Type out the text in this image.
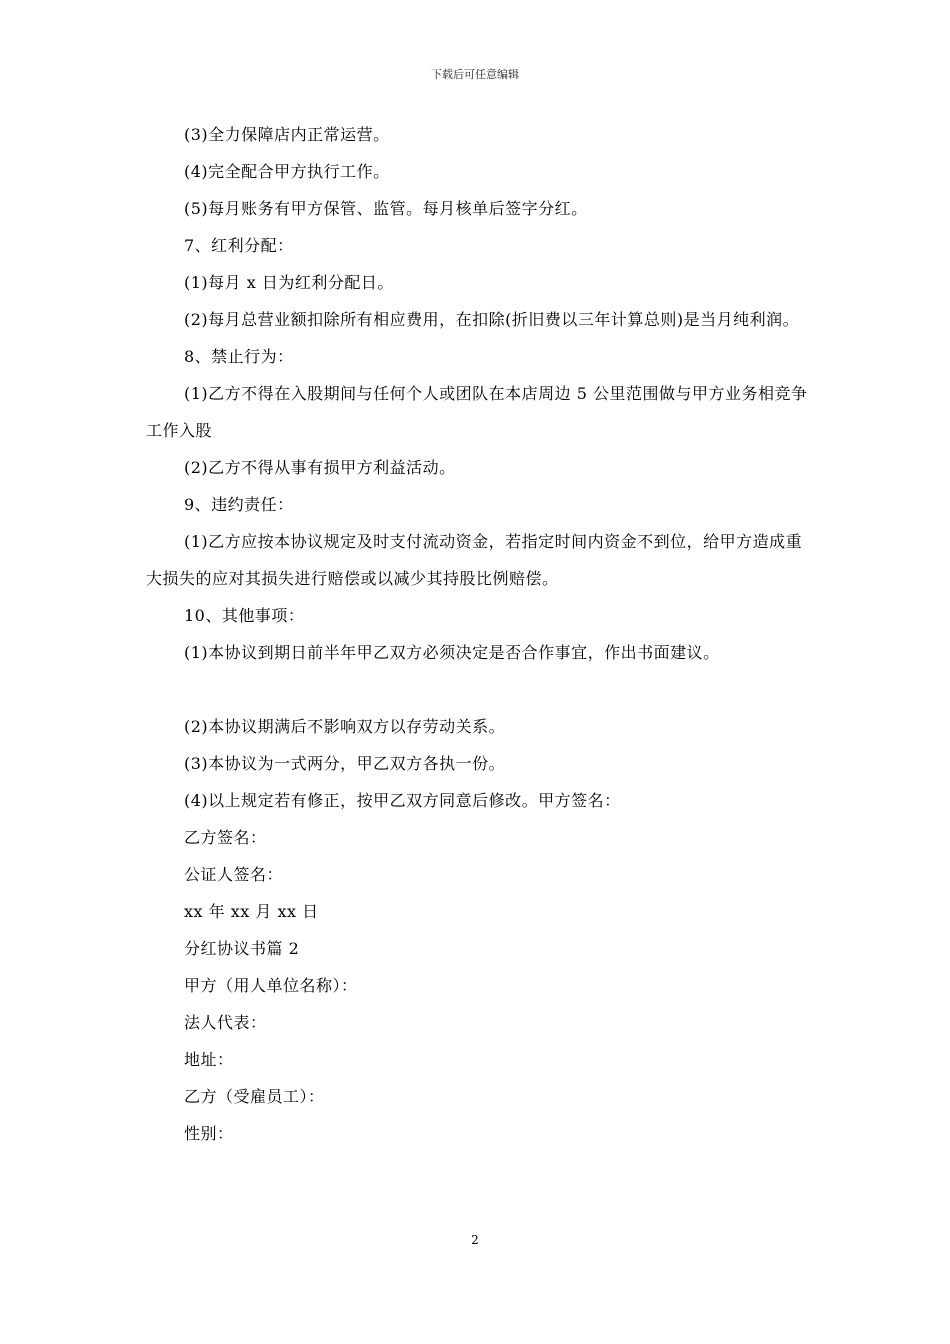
下载后可任意编辑

(3)全力保障店内正常运营。

(4)完全配合甲方执行工作。

(5)每月账务有甲方保管、监管。每月核单后签字分红。

7、红利分配：

(1)每月 x 日为红利分配日。

(2)每月总营业额扣除所有相应费用，在扣除(折旧费以三年计算总则)是当月纯利润。

8、禁止行为：

(1)乙方不得在入股期间与任何个人或团队在本店周边 5 公里范围做与甲方业务相竞争工作入股

(2)乙方不得从事有损甲方利益活动。

9、违约责任：

(1)乙方应按本协议规定及时支付流动资金，若指定时间内资金不到位，给甲方造成重大损失的应对其损失进行赔偿或以减少其持股比例赔偿。

10、其他事项：

(1)本协议到期日前半年甲乙双方必须决定是否合作事宜，作出书面建议。

(2)本协议期满后不影响双方以存劳动关系。

(3)本协议为一式两分，甲乙双方各执一份。

(4)以上规定若有修正，按甲乙双方同意后修改。甲方签名：

乙方签名：

公证人签名：

xx 年 xx 月 xx 日

分红协议书篇 2

甲方（用人单位名称）：

法人代表：

地址：

乙方（受雇员工）：

性别：

2
